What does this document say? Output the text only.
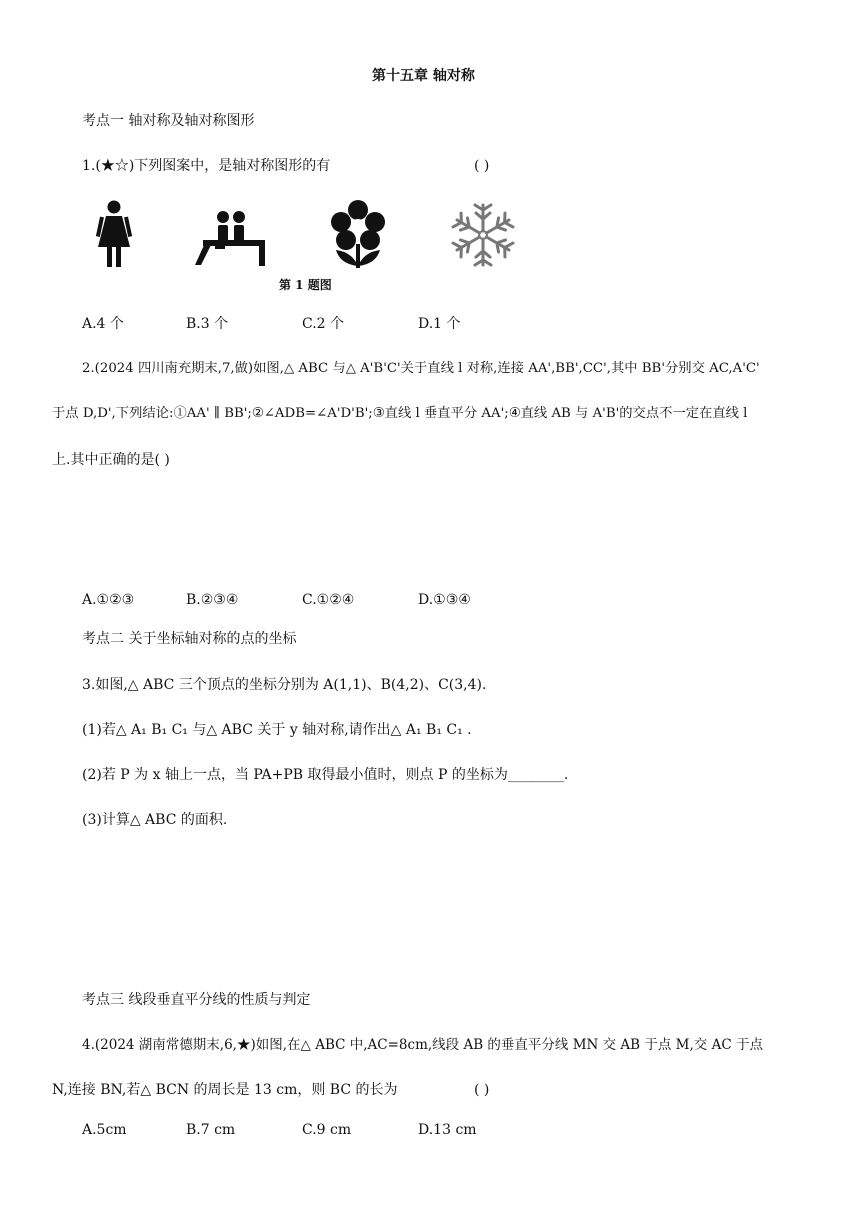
第十五章 轴对称
考点一 轴对称及轴对称图形
1.(★☆)下列图案中，是轴对称图形的有	( )
第 1 题图
A.4 个	B.3 个	C.2 个	D.1 个
2.(2024 四川南充期末,7,做)如图,△ ABC 与△ A'B'C'关于直线 l 对称,连接 AA',BB',CC',其中 BB'分别交 AC,A'C'
于点 D,D',下列结论:①AA' ∥ BB';②∠ADB=∠A'D'B';③直线 l 垂直平分 AA';④直线 AB 与 A'B'的交点不一定在直线 l
上.其中正确的是( )
A.①②③	B.②③④	C.①②④	D.①③④
考点二 关于坐标轴对称的点的坐标
3.如图,△ ABC 三个顶点的坐标分别为 A(1,1)、B(4,2)、C(3,4).
(1)若△ A₁ B₁ C₁ 与△ ABC 关于 y 轴对称,请作出△ A₁ B₁ C₁ .
(2)若 P 为 x 轴上一点，当 PA+PB 取得最小值时，则点 P 的坐标为________.
(3)计算△ ABC 的面积.
考点三 线段垂直平分线的性质与判定
4.(2024 湖南常德期末,6,★)如图,在△ ABC 中,AC=8cm,线段 AB 的垂直平分线 MN 交 AB 于点 M,交 AC 于点
N,连接 BN,若△ BCN 的周长是 13 cm，则 BC 的长为	( )
A.5cm	B.7 cm	C.9 cm	D.13 cm
